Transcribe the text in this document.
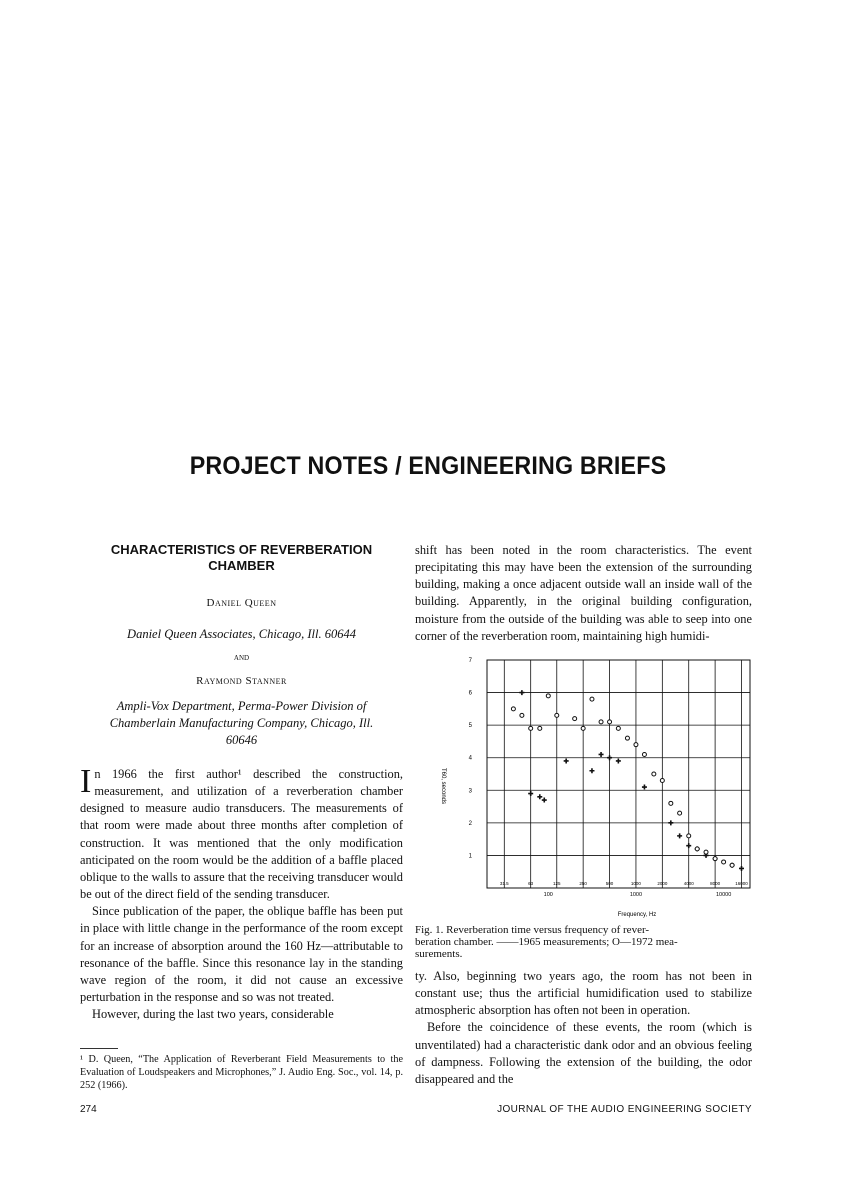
PROJECT NOTES / ENGINEERING BRIEFS
CHARACTERISTICS OF REVERBERATION
CHAMBER
Daniel Queen
Daniel Queen Associates, Chicago, Ill. 60644
and
Raymond Stanner
Ampli-Vox Department, Perma-Power Division of
Chamberlain Manufacturing Company, Chicago, Ill.
60646

In 1966 the first author¹ described the construction, measurement, and utilization of a reverberation chamber designed to measure audio transducers. The measurements of that room were made about three months after completion of construction. It was mentioned that the only modification anticipated on the room would be the addition of a baffle placed oblique to the walls to assure that the receiving transducer would be out of the direct field of the sending transducer.

Since publication of the paper, the oblique baffle has been put in place with little change in the performance of the room except for an increase of absorption around the 160 Hz—attributable to resonance of the baffle. Since this resonance lay in the standing wave region of the room, it did not cause an excessive perturbation in the response and so was not treated.

However, during the last two years, considerable

¹ D. Queen, “The Application of Reverberant Field Measurements to the Evaluation of Loudspeakers and Microphones,” J. Audio Eng. Soc., vol. 14, p. 252 (1966).

shift has been noted in the room characteristics. The event precipitating this may have been the extension of the surrounding building, making a once adjacent outside wall an inside wall of the building. Apparently, in the original building configuration, moisture from the outside of the building was able to seep into one corner of the reverberation room, maintaining high humidi-

7
6
5
4
3
2
1
31.5	63	125	250	500	1000	2000	4000	8000	16000
100	1000	10000
T60, seconds
Frequency, Hz
Fig. 1. Reverberation time versus frequency of rever-
beration chamber. ——1965 measurements; O—1972 mea-
surements.

ty. Also, beginning two years ago, the room has not been in constant use; thus the artificial humidification used to stabilize atmospheric absorption has often not been in operation.

Before the coincidence of these events, the room (which is unventilated) had a characteristic dank odor and an obvious feeling of dampness. Following the extension of the building, the odor disappeared and the

274	JOURNAL OF THE AUDIO ENGINEERING SOCIETY
